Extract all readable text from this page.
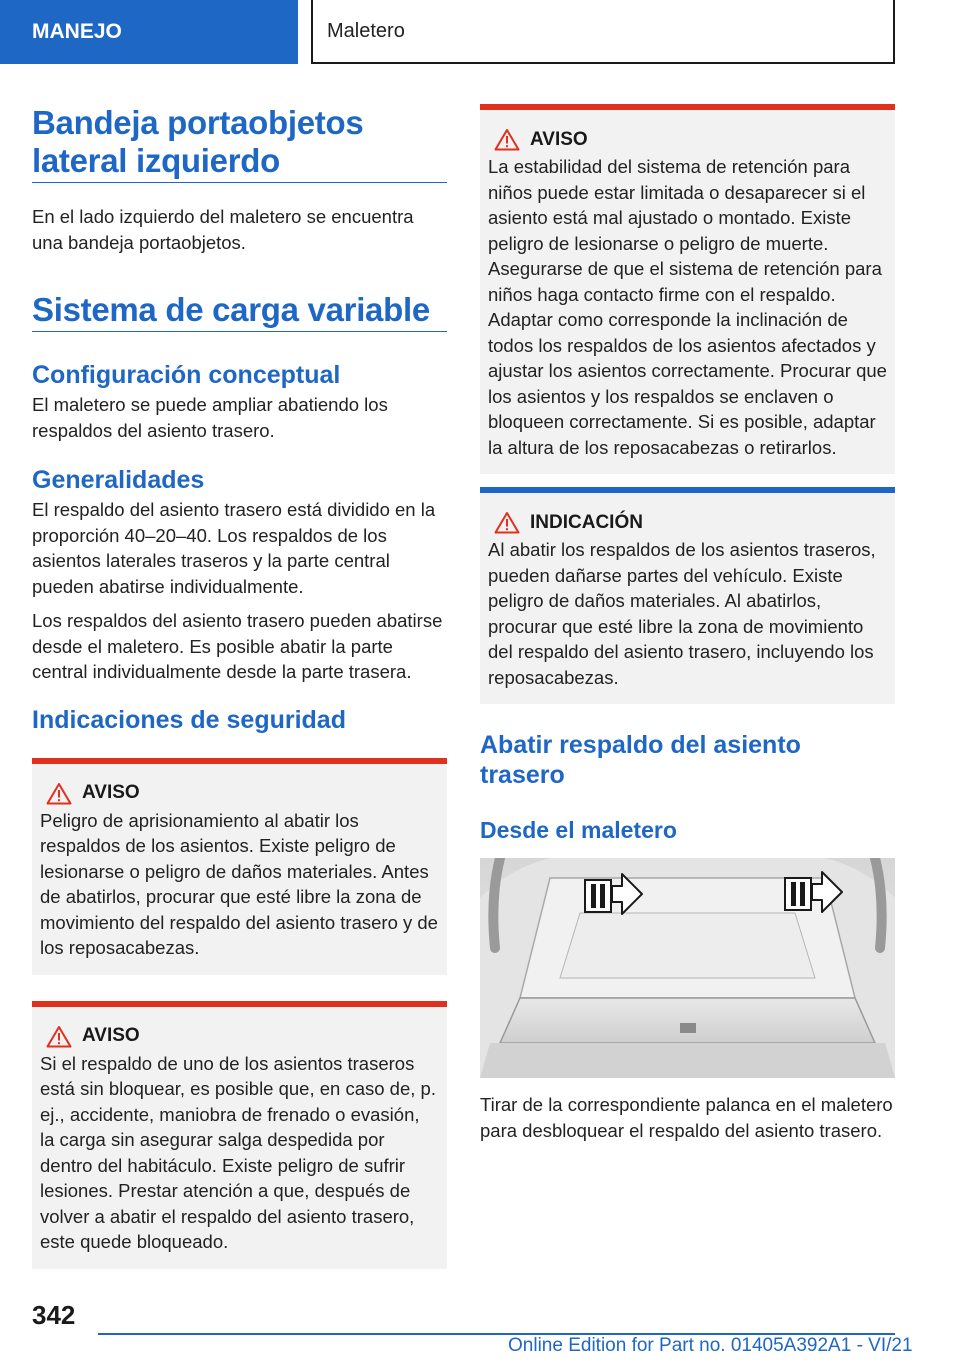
MANEJO	Maletero
Bandeja portaobjetos
lateral izquierdo

En el lado izquierdo del maletero se encuentra una bandeja portaobjetos.

Sistema de carga variable
Configuración conceptual

El maletero se puede ampliar abatiendo los respaldos del asiento trasero.

Generalidades

El respaldo del asiento trasero está dividido en la proporción 40–20–40. Los respaldos de los asientos laterales traseros y la parte central pueden abatirse individualmente.

Los respaldos del asiento trasero pueden abatirse desde el maletero. Es posible abatir la parte central individualmente desde la parte trasera.

Indicaciones de seguridad
AVISO

Peligro de aprisionamiento al abatir los respaldos de los asientos. Existe peligro de lesionarse o peligro de daños materiales. Antes de abatirlos, procurar que esté libre la zona de movimiento del respaldo del asiento trasero y de los reposacabezas.

AVISO

Si el respaldo de uno de los asientos traseros está sin bloquear, es posible que, en caso de, p. ej., accidente, maniobra de frenado o evasión, la carga sin asegurar salga despedida por dentro del habitáculo. Existe peligro de sufrir lesiones. Prestar atención a que, después de volver a abatir el respaldo del asiento trasero, este quede bloqueado.

AVISO

La estabilidad del sistema de retención para niños puede estar limitada o desaparecer si el asiento está mal ajustado o montado. Existe peligro de lesionarse o peligro de muerte. Asegurarse de que el sistema de retención para niños haga contacto firme con el respaldo. Adaptar como corresponde la inclinación de todos los respaldos de los asientos afectados y ajustar los asientos correctamente. Procurar que los asientos y los respaldos se enclaven o bloqueen correctamente. Si es posible, adaptar la altura de los reposacabezas o retirarlos.

INDICACIÓN

Al abatir los respaldos de los asientos traseros, pueden dañarse partes del vehículo. Existe peligro de daños materiales. Al abatirlos, procurar que esté libre la zona de movimiento del respaldo del asiento trasero, incluyendo los reposacabezas.

Abatir respaldo del asiento
trasero
Desde el maletero

Tirar de la correspondiente palanca en el maletero para desbloquear el respaldo del asiento trasero.

342
Online Edition for Part no. 01405A392A1 - VI/21
